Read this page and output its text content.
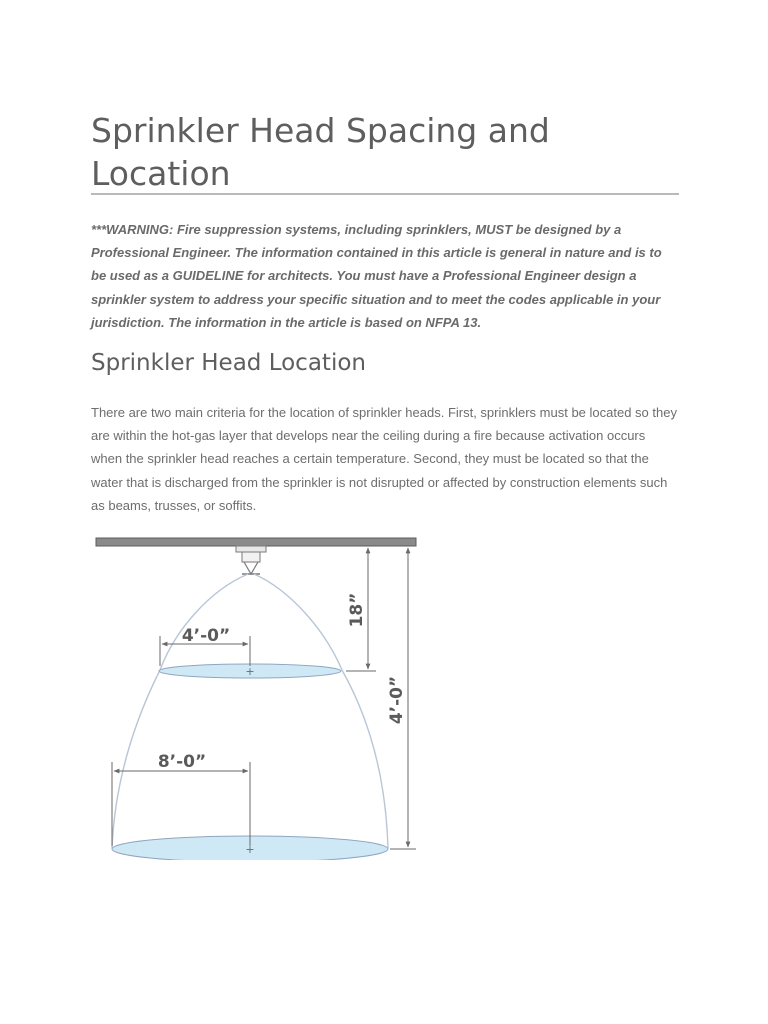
Sprinkler Head Spacing and Location

***WARNING: Fire suppression systems, including sprinklers, MUST be designed by a Professional Engineer. The information contained in this article is general in nature and is to be used as a GUIDELINE for architects. You must have a Professional Engineer design a sprinkler system to address your specific situation and to meet the codes applicable in your jurisdiction. The information in the article is based on NFPA 13.

Sprinkler Head Location

There are two main criteria for the location of sprinkler heads. First, sprinklers must be located so they are within the hot-gas layer that develops near the ceiling during a fire because activation occurs when the sprinkler head reaches a certain temperature. Second, they must be located so that the water that is discharged from the sprinkler is not disrupted or affected by construction elements such as beams, trusses, or soffits.

+
+
4’-0”
8’-0”
18”
4’-0”
